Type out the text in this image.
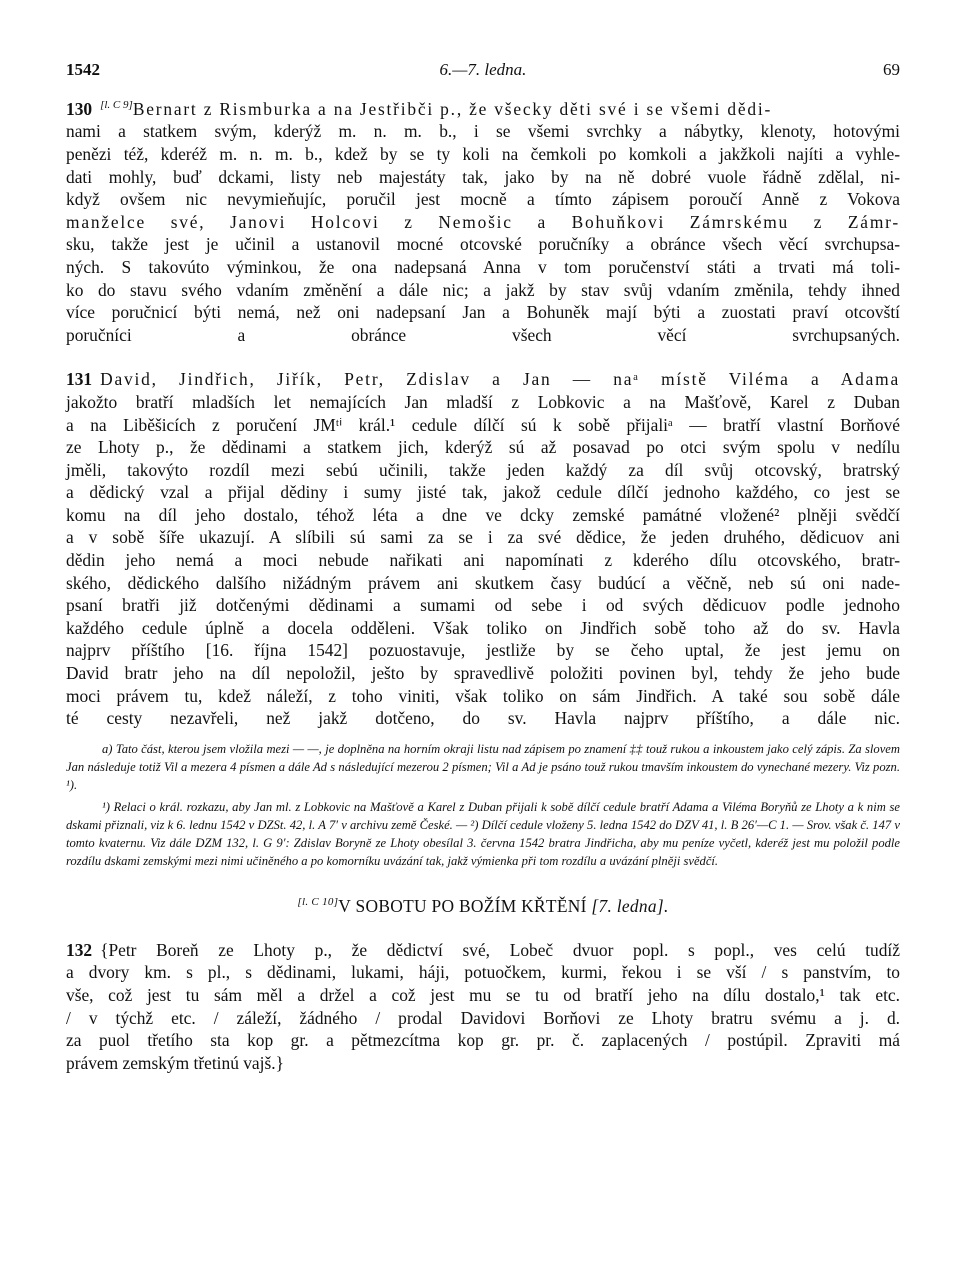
1542	6.—7. ledna.	69
130 [l. C 9]Bernart z Rismburka a na Jestřibči p., že všecky děti své i se všemi dědi-
nami a statkem svým, kderýž m. n. m. b., i se všemi svrchky a nábytky, klenoty, hotovými
penězi též, kderéž m. n. m. b., kdež by se ty koli na čemkoli po komkoli a jakžkoli najíti a vyhle-
dati mohly, buď dckami, listy neb majestáty tak, jako by na ně dobré vuole řádně zdělal, ni-
když ovšem nic nevymieňujíc, poručil jest mocně a tímto zápisem poroučí Anně z Vokova
manželce své, Janovi Holcovi z Nemošic a Bohuňkovi Zámrskému z Zámr-
sku, takže jest je učinil a ustanovil mocné otcovské poručníky a obránce všech věcí svrchupsa-
ných. S takovúto výminkou, že ona nadepsaná Anna v tom poručenství státi a trvati má toli-
ko do stavu svého vdaním změnění a dále nic; a jakž by stav svůj vdaním změnila, tehdy ihned
více poručnicí býti nemá, než oni nadepsaní Jan a Bohuněk mají býti a zuostati praví otcovští
poručníci a obránce všech věcí svrchupsaných.
131 David, Jindřich, Jiřík, Petr, Zdislav a Jan — naᵃ místě Viléma a Adama
jakožto bratří mladších let nemajících Jan mladší z Lobkovic a na Mašťově, Karel z Duban
a na Liběšicích z poručení JMᵗⁱ král.¹ cedule dílčí sú k sobě přijaliᵃ — bratří vlastní Borňové
ze Lhoty p., že dědinami a statkem jich, kderýž sú až posavad po otci svým spolu v nedílu
jměli, takovýto rozdíl mezi sebú učinili, takže jeden každý za díl svůj otcovský, bratrský
a dědický vzal a přijal dědiny i sumy jisté tak, jakož cedule dílčí jednoho každého, co jest se
komu na díl jeho dostalo, téhož léta a dne ve dcky zemské památné vložené² plněji svědčí
a v sobě šíře ukazují. A slíbili sú sami za se i za své dědice, že jeden druhého, dědicuov ani
dědin jeho nemá a moci nebude nařikati ani napomínati z kderého dílu otcovského, bratr-
ského, dědického dalšího nižádným právem ani skutkem časy budúcí a věčně, neb sú oni nade-
psaní bratři již dotčenými dědinami a sumami od sebe i od svých dědicuov podle jednoho
každého cedule úplně a docela odděleni. Však toliko on Jindřich sobě toho až do sv. Havla
najprv příštího [16. října 1542] pozuostavuje, jestliže by se čeho uptal, že jest jemu on
David bratr jeho na díl nepoložil, ješto by spravedlivě položiti povinen byl, tehdy že jeho bude
moci právem tu, kdež náleží, z toho viniti, však toliko on sám Jindřich. A také sou sobě dále
té cesty nezavřeli, než jakž dotčeno, do sv. Havla najprv příštího, a dále nic.

a) Tato část, kterou jsem vložila mezi — —, je doplněna na horním okraji listu nad zápisem po znamení ‡‡ touž rukou a inkoustem jako celý zápis. Za slovem Jan následuje totiž Vil a mezera 4 písmen a dále Ad s následující mezerou 2 písmen; Vil a Ad je psáno touž rukou tmavším inkoustem do vynechané mezery. Viz pozn. ¹).

¹) Relaci o král. rozkazu, aby Jan ml. z Lobkovic na Mašťově a Karel z Duban přijali k sobě dílčí cedule bratří Adama a Viléma Boryňů ze Lhoty a k nim se dskami přiznali, viz k 6. lednu 1542 v DZSt. 42, l. A 7′ v archivu země České. — ²) Dílčí cedule vloženy 5. ledna 1542 do DZV 41, l. B 26′—C 1. — Srov. však č. 147 v tomto kvaternu. Viz dále DZM 132, l. G 9′: Zdislav Boryně ze Lhoty obesílal 3. června 1542 bratra Jindřicha, aby mu peníze vyčetl, kderéž jest mu položil podle rozdílu dskami zemskými mezi nimi učiněného a po komorníku uvázání tak, jakž výmienka při tom rozdílu a uvázání plněji svědčí.

[l. C 10]V SOBOTU PO BOŽÍM KŘTĚNÍ [7. ledna].
132 {Petr Boreň ze Lhoty p., že dědictví své, Lobeč dvuor popl. s popl., ves celú tudíž
a dvory km. s pl., s dědinami, lukami, háji, potuočkem, kurmi, řekou i se vší / s panstvím, to
vše, což jest tu sám měl a držel a což jest mu se tu od bratří jeho na dílu dostalo,¹ tak etc.
/ v týchž etc. / záleží, žádného / prodal Davidovi Borňovi ze Lhoty bratru svému a j. d.
za puol třetího sta kop gr. a pětmezcítma kop gr. pr. č. zaplacených / postúpil. Zpraviti má
právem zemským třetinú vajš.}
